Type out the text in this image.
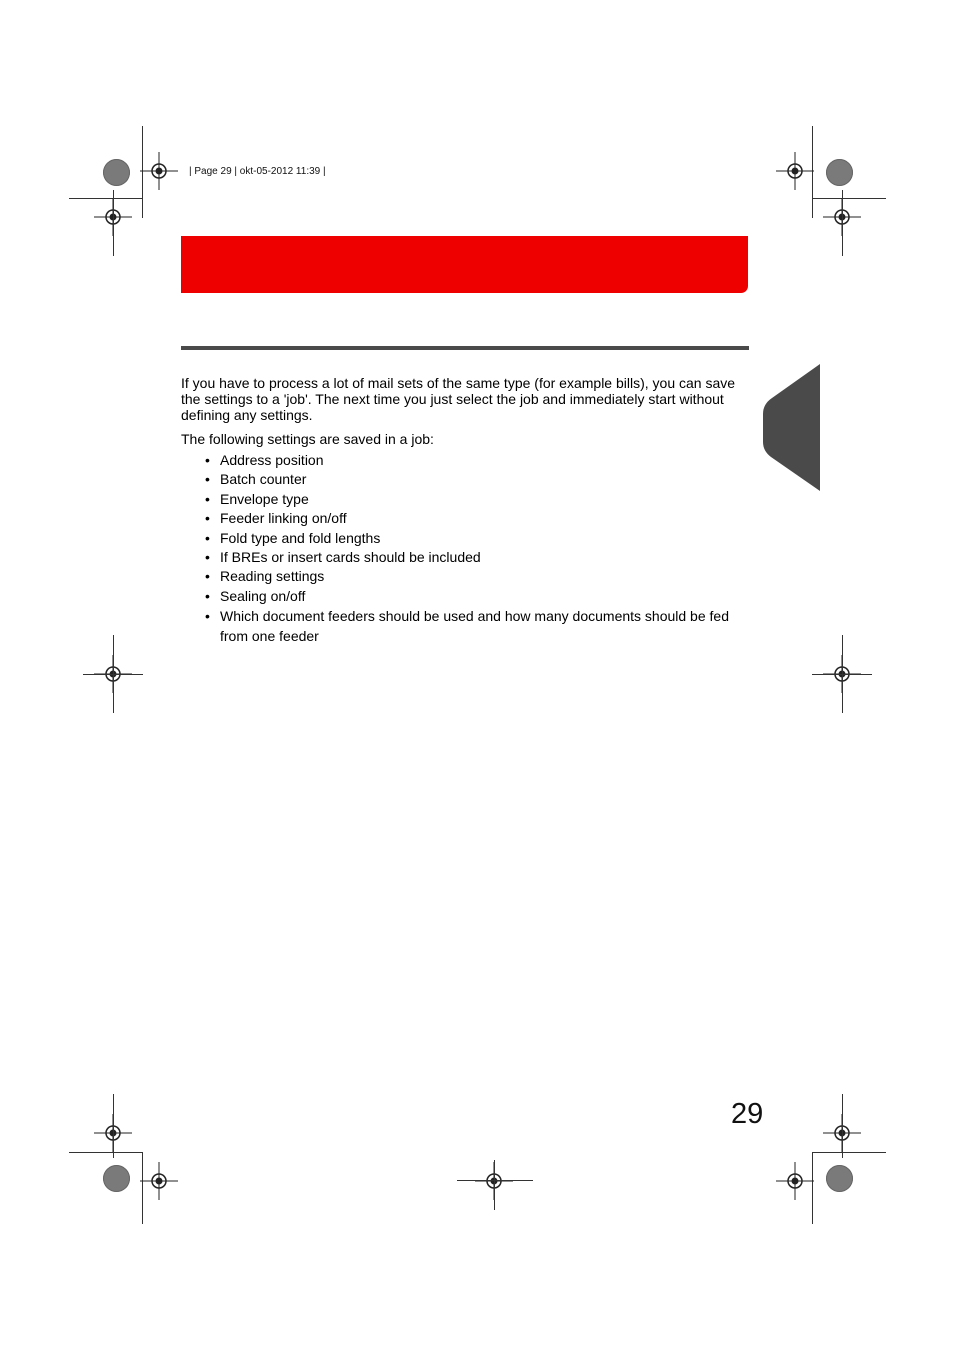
| Page 29 | okt-05-2012 11:39 |
If you have to process a lot of mail sets of the same type (for example bills), you can save the settings to a 'job'. The next time you just select the job and immediately start without defining any settings.
The following settings are saved in a job:
• Address position
• Batch counter
• Envelope type
• Feeder linking on/off
• Fold type and fold lengths
• If BREs or insert cards should be included
• Reading settings
• Sealing on/off
• Which document feeders should be used and how many documents should be fed from one feeder
29
